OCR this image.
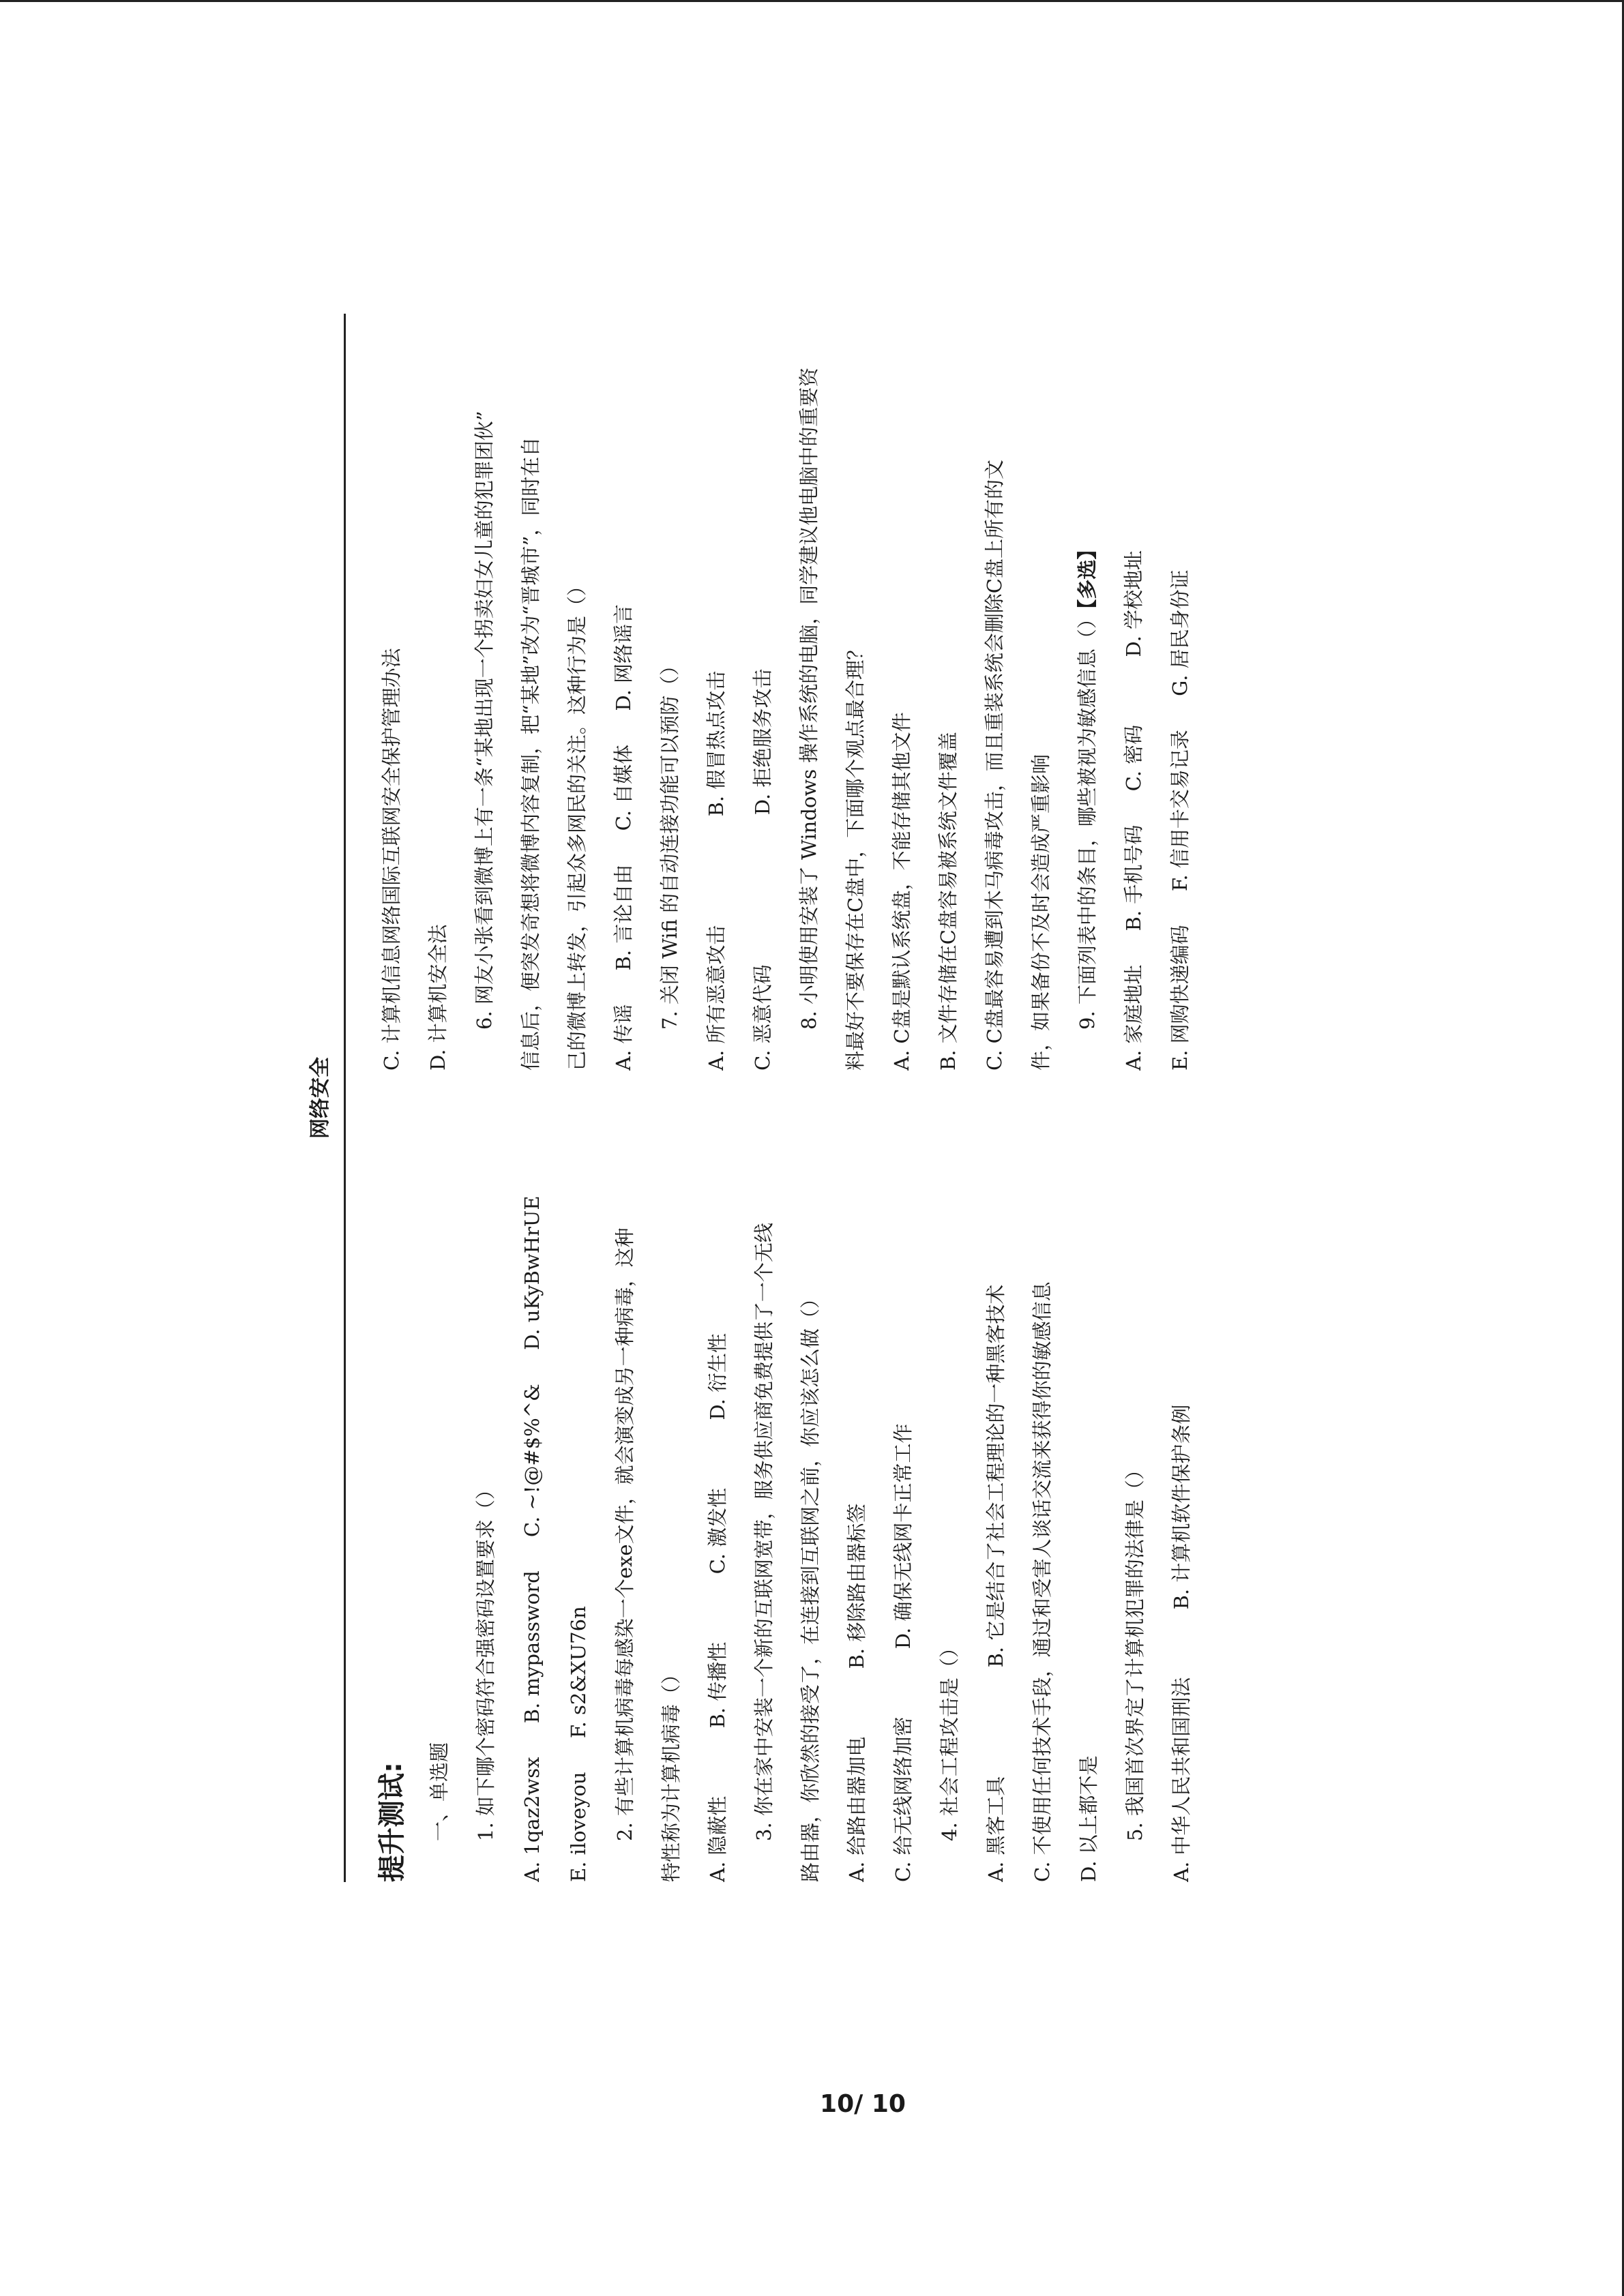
网络安全
提升测试:	一、单选题	1. 如下哪个密码符合强密码设置要求（）	A. 1qaz2wsx B. mypassword C. ~!@#$%^& D. uKyBwHrUE
E. iloveyou F. s2&XU76n	2. 有些计算机病毒每感染一个exe文件，就会演变成另一种病毒，这种	特性称为计算机病毒（）	A. 隐蔽性 B. 传播性 C. 激发性 D. 衍生性	3. 你在家中安装一个新的互联网宽带，服务供应商免费提供了一个无线	路由器，你欣然的接受了，在连接到互联网之前，你应该怎么做（）	A. 给路由器加电 B. 移除路由器标签
C. 给无线网络加密 D. 确保无线网卡正常工作
4. 社会工程攻击是（）	A. 黑客工具 B. 它是结合了社会工程理论的一种黑客技术	C. 不使用任何技术手段，通过和受害人谈话交流来获得你的敏感信息	D. 以上都不是	5. 我国首次界定了计算机犯罪的法律是（）	A. 中华人民共和国刑法 B. 计算机软件保护条例
C. 计算机信息网络国际互联网安全保护管理办法	D. 计算机安全法	6. 网友小张看到微博上有一条“某地出现一个拐卖妇女儿童的犯罪团伙”	信息后，便突发奇想将微博内容复制，把“某地”改为“晋城市”，同时在自	己的微博上转发，引起众多网民的关注。这种行为是（）	A. 传谣 B. 言论自由 C. 自媒体 D. 网络谣言	7. 关闭 Wifi 的自动连接功能可以预防（）	A. 所有恶意攻击 B. 假冒热点攻击
C. 恶意代码 D. 拒绝服务攻击	8. 小明使用安装了 Windows 操作系统的电脑，同学建议他电脑中的重要资	料最好不要保存在C盘中，下面哪个观点最合理？	A. C盘是默认系统盘，不能存储其他文件	B. 文件存储在C盘容易被系统文件覆盖	C. C盘最容易遭到木马病毒攻击，而且重装系统会删除C盘上所有的文	件，如果备份不及时会造成严重影响	9. 下面列表中的条目，哪些被视为敏感信息（）【多选】
A. 家庭地址 B. 手机号码 C. 密码 D. 学校地址
E. 网购快递编码 F. 信用卡交易记录 G. 居民身份证
10/ 10
